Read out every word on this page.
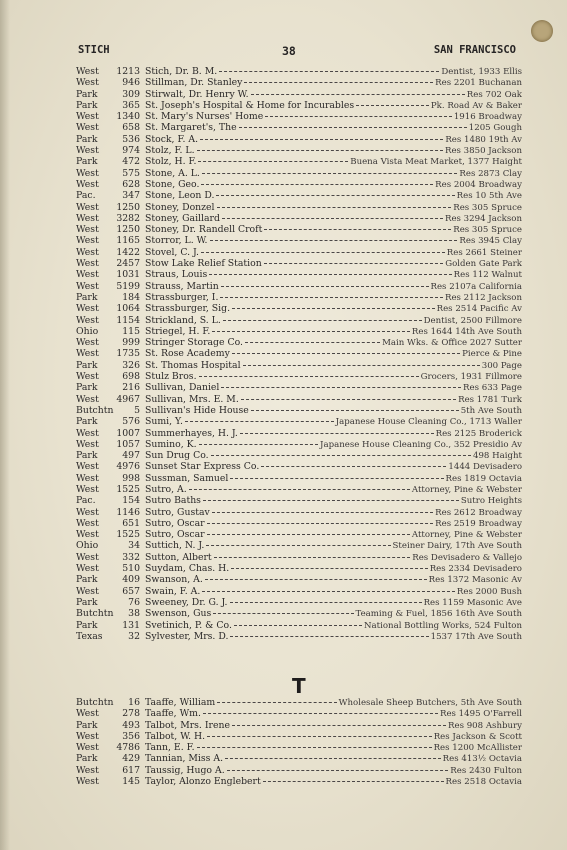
STICH	38	SAN FRANCISCO
West	1213 Stich, Dr. B. M.	Dentist, 1933 Ellis
West	946 Stillman, Dr. Stanley	Res 2201 Buchanan
Park	309 Stirwalt, Dr. Henry W.	Res 702 Oak
Park	365 St. Joseph's Hospital & Home for Incurables	Pk. Road Av & Baker
West	1340 St. Mary's Nurses' Home	1916 Broadway
West	658 St. Margaret's, The	1205 Gough
Park	536 Stock, F. A.	Res 1480 19th Av
West	974 Stolz, F. L.	Res 3850 Jackson
Park	472 Stolz, H. F.	Buena Vista Meat Market, 1377 Haight
West	575 Stone, A. L.	Res 2873 Clay
West	628 Stone, Geo.	Res 2004 Broadway
Pac.	347 Stone, Leon D.	Res 10 5th Ave
West	1250 Stoney, Donzel	Res 305 Spruce
West	3282 Stoney, Gaillard	Res 3294 Jackson
West	1250 Stoney, Dr. Randell Croft	Res 305 Spruce
West	1165 Storror, L. W.	Res 3945 Clay
West	1422 Stovel, C. J.	Res 2661 Steiner
West	2457 Stow Lake Relief Station	Golden Gate Park
West	1031 Straus, Louis	Res 112 Walnut
West	5199 Strauss, Martin	Res 2107a California
Park	184 Strassburger, I.	Res 2112 Jackson
West	1064 Strassburger, Sig.	Res 2514 Pacific Av
West	1154 Strickland, S. L.	Dentist, 2500 Fillmore
Ohio	115 Striegel, H. F.	Res 1644 14th Ave South
West	999 Stringer Storage Co.	Main Wks. & Office 2027 Sutter
West	1735 St. Rose Academy	Pierce & Pine
Park	326 St. Thomas Hospital	300 Page
West	698 Stulz Bros.	Grocers, 1931 Fillmore
Park	216 Sullivan, Daniel	Res 633 Page
West	4967 Sullivan, Mrs. E. M.	Res 1781 Turk
Butchtn	5 Sullivan's Hide House	5th Ave South
Park	576 Sumi, Y.	Japanese House Cleaning Co., 1713 Waller
West	1007 Summerhayes, H. J.	Res 2125 Broderick
West	1057 Sumino, K.	Japanese House Cleaning Co., 352 Presidio Av
Park	497 Sun Drug Co.	498 Haight
West	4976 Sunset Star Express Co.	1444 Devisadero
West	998 Sussman, Samuel	Res 1819 Octavia
West	1525 Sutro, A.	Attorney, Pine & Webster
Pac.	154 Sutro Baths	Sutro Heights
West	1146 Sutro, Gustav	Res 2612 Broadway
West	651 Sutro, Oscar	Res 2519 Broadway
West	1525 Sutro, Oscar	Attorney, Pine & Webster
Ohio	34 Suttich, N. J.	Steiner Dairy, 17th Ave South
West	332 Sutton, Albert	Res Devisadero & Vallejo
West	510 Suydam, Chas. H.	Res 2334 Devisadero
Park	409 Swanson, A.	Res 1372 Masonic Av
West	657 Swain, F. A.	Res 2000 Bush
Park	76 Sweeney, Dr. G. J.	Res 1159 Masonic Ave
Butchtn	38 Swenson, Gus	Teaming & Fuel, 1856 16th Ave South
Park	131 Svetinich, P. & Co.	National Bottling Works, 524 Fulton
Texas	32 Sylvester, Mrs. D.	1537 17th Ave South
T
Butchtn	16 Taaffe, William	Wholesale Sheep Butchers, 5th Ave South
West	278 Taaffe, Wm.	Res 1495 O'Farrell
Park	493 Talbot, Mrs. Irene	Res 908 Ashbury
West	356 Talbot, W. H.	Res Jackson & Scott
West	4786 Tann, E. F.	Res 1200 McAllister
Park	429 Tannian, Miss A.	Res 413½ Octavia
West	617 Taussig, Hugo A.	Res 2430 Fulton
West	145 Taylor, Alonzo Englebert	Res 2518 Octavia
